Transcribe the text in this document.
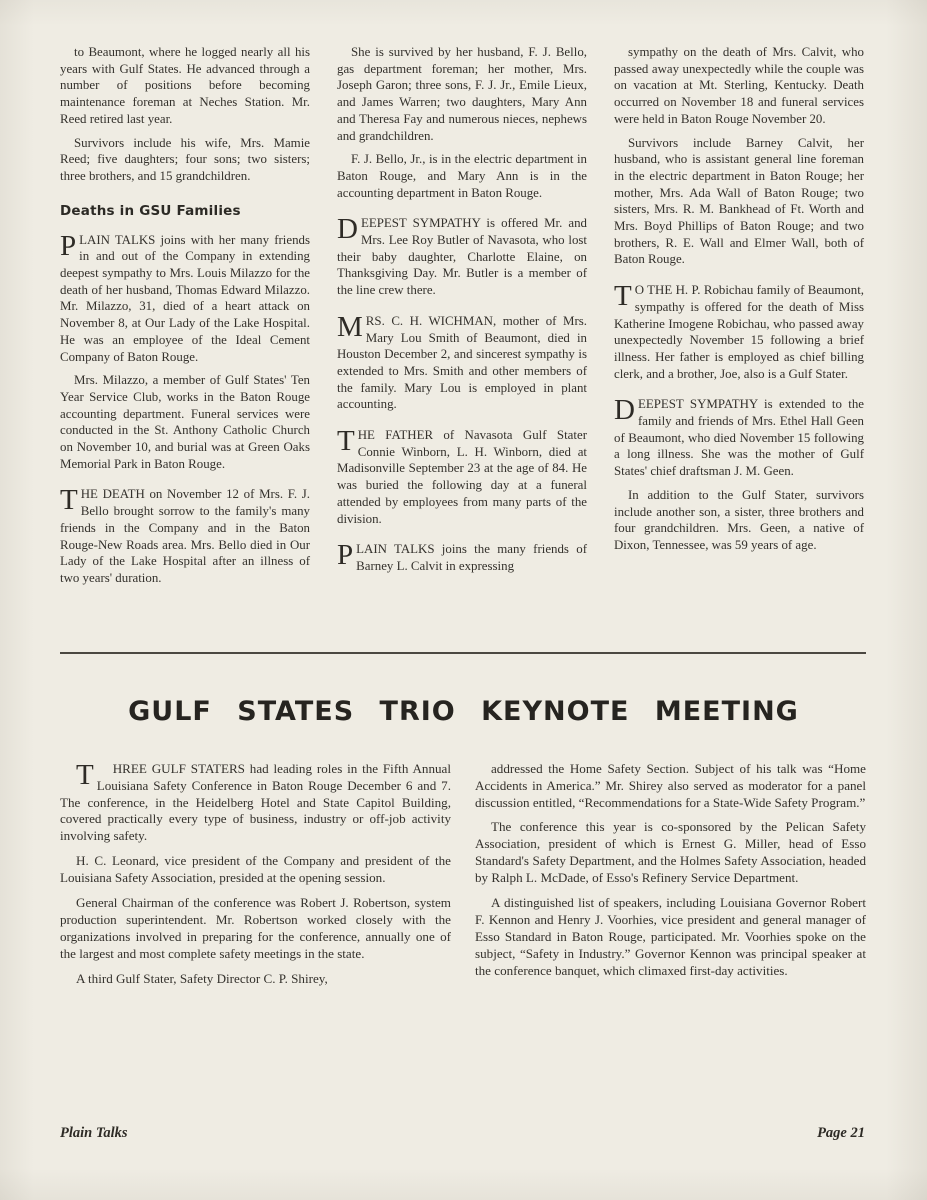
to Beaumont, where he logged nearly all his years with Gulf States. He advanced through a number of positions before becoming maintenance foreman at Neches Station. Mr. Reed retired last year.

Survivors include his wife, Mrs. Mamie Reed; five daughters; four sons; two sisters; three brothers, and 15 grandchildren.

Deaths in GSU Families

PLAIN TALKS joins with her many friends in and out of the Company in extending deepest sympathy to Mrs. Louis Milazzo for the death of her husband, Thomas Edward Milazzo. Mr. Milazzo, 31, died of a heart attack on November 8, at Our Lady of the Lake Hospital. He was an employee of the Ideal Cement Company of Baton Rouge.

Mrs. Milazzo, a member of Gulf States' Ten Year Service Club, works in the Baton Rouge accounting department. Funeral services were conducted in the St. Anthony Catholic Church on November 10, and burial was at Green Oaks Memorial Park in Baton Rouge.

THE DEATH on November 12 of Mrs. F. J. Bello brought sorrow to the family's many friends in the Company and in the Baton Rouge-New Roads area. Mrs. Bello died in Our Lady of the Lake Hospital after an illness of two years' duration.

She is survived by her husband, F. J. Bello, gas department foreman; her mother, Mrs. Joseph Garon; three sons, F. J. Jr., Emile Lieux, and James Warren; two daughters, Mary Ann and Theresa Fay and numerous nieces, nephews and grandchildren.

F. J. Bello, Jr., is in the electric department in Baton Rouge, and Mary Ann is in the accounting department in Baton Rouge.

DEEPEST SYMPATHY is offered Mr. and Mrs. Lee Roy Butler of Navasota, who lost their baby daughter, Charlotte Elaine, on Thanksgiving Day. Mr. Butler is a member of the line crew there.

MRS. C. H. WICHMAN, mother of Mrs. Mary Lou Smith of Beaumont, died in Houston December 2, and sincerest sympathy is extended to Mrs. Smith and other members of the family. Mary Lou is employed in plant accounting.

THE FATHER of Navasota Gulf Stater Connie Winborn, L. H. Winborn, died at Madisonville September 23 at the age of 84. He was buried the following day at a funeral attended by employees from many parts of the division.

PLAIN TALKS joins the many friends of Barney L. Calvit in expressing

sympathy on the death of Mrs. Calvit, who passed away unexpectedly while the couple was on vacation at Mt. Sterling, Kentucky. Death occurred on November 18 and funeral services were held in Baton Rouge November 20.

Survivors include Barney Calvit, her husband, who is assistant general line foreman in the electric department in Baton Rouge; her mother, Mrs. Ada Wall of Baton Rouge; two sisters, Mrs. R. M. Bankhead of Ft. Worth and Mrs. Boyd Phillips of Baton Rouge; and two brothers, R. E. Wall and Elmer Wall, both of Baton Rouge.

T O THE H. P. Robichau family of Beaumont, sympathy is offered for the death of Miss Katherine Imogene Robichau, who passed away unexpectedly November 15 following a brief illness. Her father is employed as chief billing clerk, and a brother, Joe, also is a Gulf Stater.

DEEPEST SYMPATHY is extended to the family and friends of Mrs. Ethel Hall Geen of Beaumont, who died November 15 following a long illness. She was the mother of Gulf States' chief draftsman J. M. Geen.

In addition to the Gulf Stater, survivors include another son, a sister, three brothers and four grandchildren. Mrs. Geen, a native of Dixon, Tennessee, was 59 years of age.

GULF STATES TRIO KEYNOTE MEETING

T HREE GULF STATERS had leading roles in the Fifth Annual Louisiana Safety Conference in Baton Rouge December 6 and 7. The conference, in the Heidelberg Hotel and State Capitol Building, covered practically every type of business, industry or off-job activity involving safety.

H. C. Leonard, vice president of the Company and president of the Louisiana Safety Association, presided at the opening session.

General Chairman of the conference was Robert J. Robertson, system production superintendent. Mr. Robertson worked closely with the organizations involved in preparing for the conference, annually one of the largest and most complete safety meetings in the state.

A third Gulf Stater, Safety Director C. P. Shirey,

addressed the Home Safety Section. Subject of his talk was “Home Accidents in America.” Mr. Shirey also served as moderator for a panel discussion entitled, “Recommendations for a State-Wide Safety Program.”

The conference this year is co-sponsored by the Pelican Safety Association, president of which is Ernest G. Miller, head of Esso Standard's Safety Department, and the Holmes Safety Association, headed by Ralph L. McDade, of Esso's Refinery Service Department.

A distinguished list of speakers, including Louisiana Governor Robert F. Kennon and Henry J. Voorhies, vice president and general manager of Esso Standard in Baton Rouge, participated. Mr. Voorhies spoke on the subject, “Safety in Industry.” Governor Kennon was principal speaker at the conference banquet, which climaxed first-day activities.

Plain Talks	Page 21
